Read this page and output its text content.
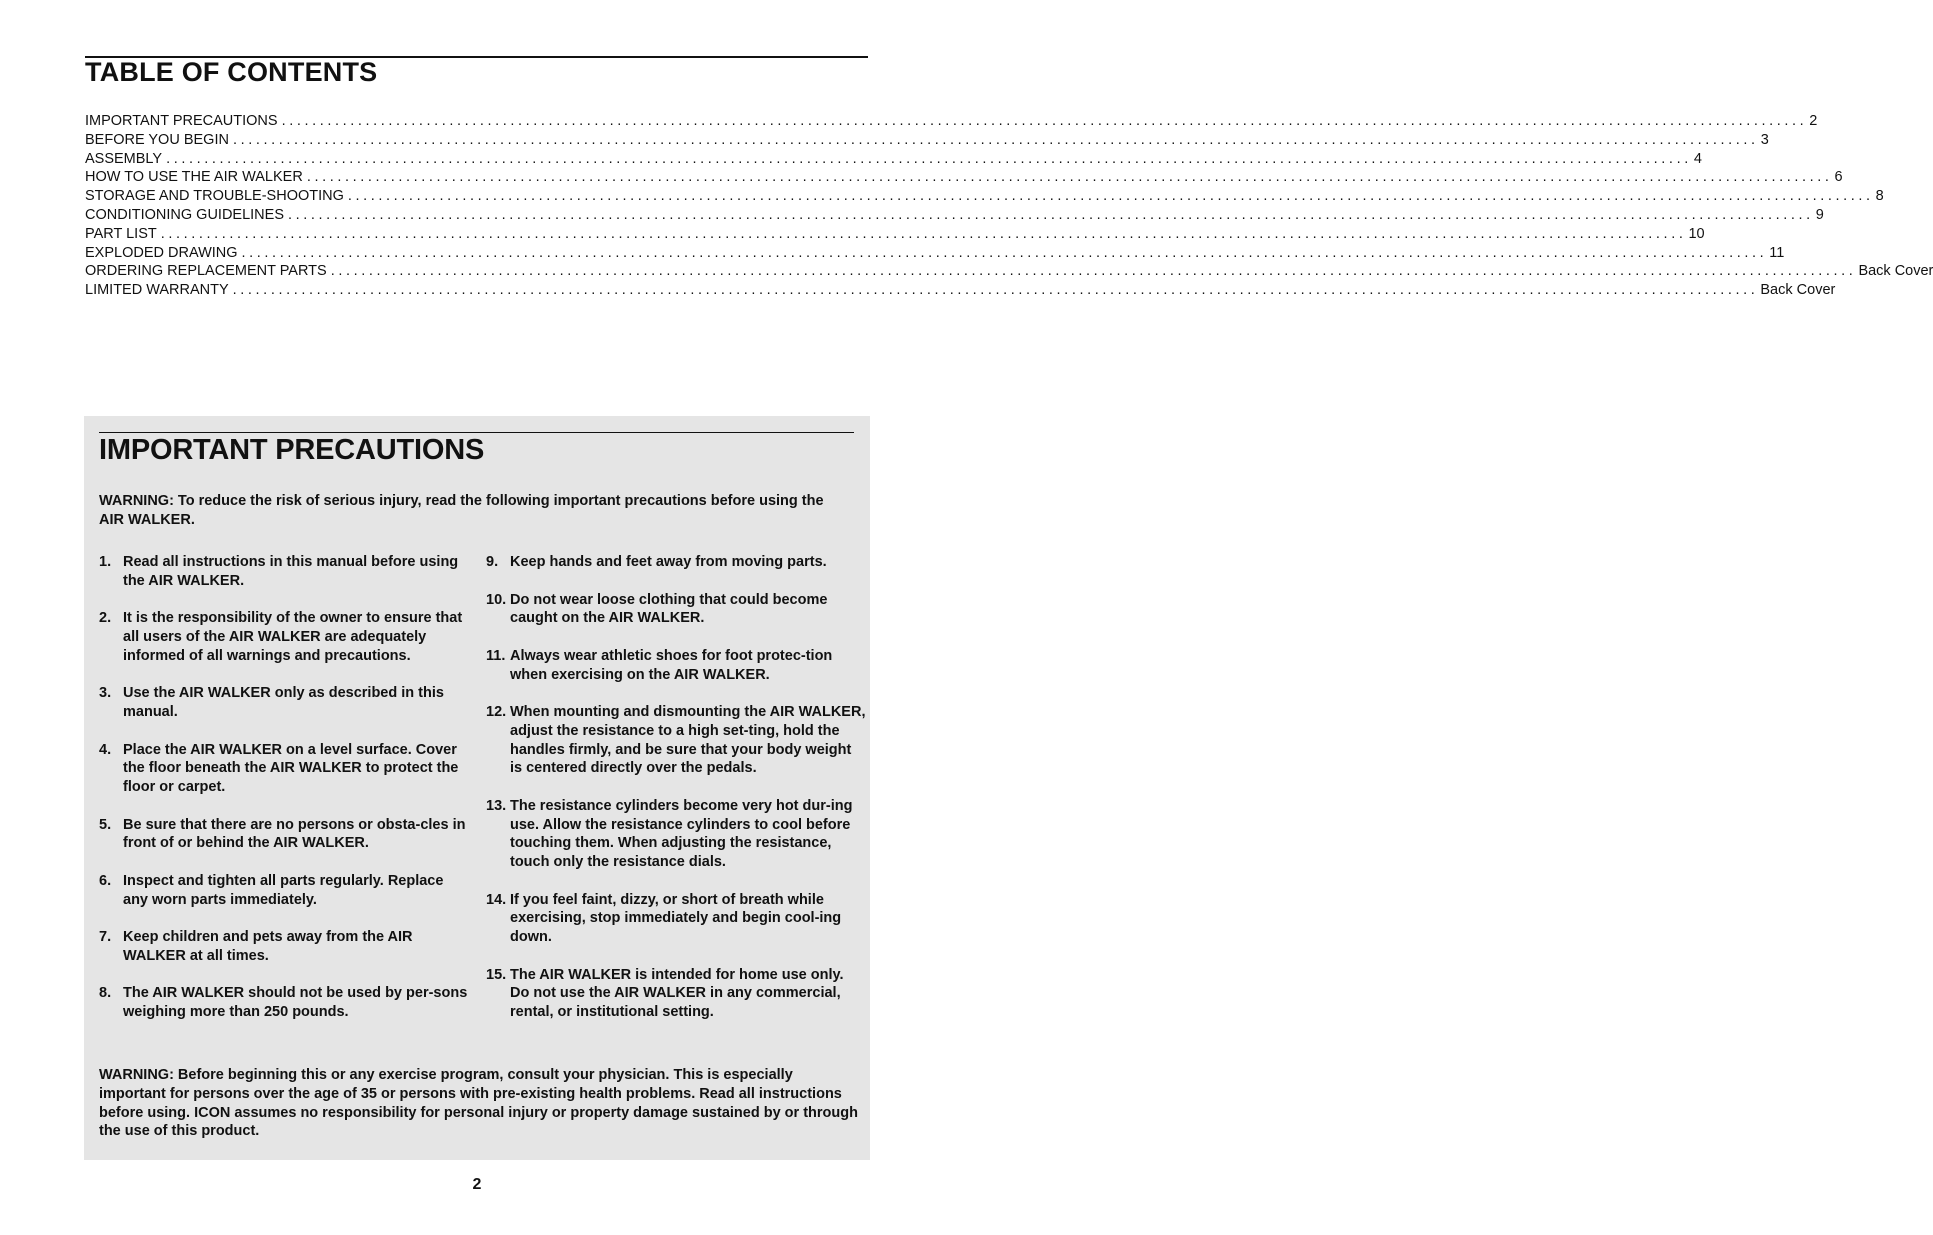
TABLE OF CONTENTS
IMPORTANT PRECAUTIONS ........................................................................................................................................................................................................ 2
BEFORE YOU BEGIN ........................................................................................................................................................................................................ 3
ASSEMBLY ........................................................................................................................................................................................................ 4
HOW TO USE THE AIR WALKER ........................................................................................................................................................................................................ 6
STORAGE AND TROUBLE-SHOOTING ........................................................................................................................................................................................................ 8
CONDITIONING GUIDELINES ........................................................................................................................................................................................................ 9
PART LIST ........................................................................................................................................................................................................ 10
EXPLODED DRAWING ........................................................................................................................................................................................................ 11
ORDERING REPLACEMENT PARTS ........................................................................................................................................................................................................ Back Cover
LIMITED WARRANTY ........................................................................................................................................................................................................ Back Cover
IMPORTANT PRECAUTIONS

WARNING: To reduce the risk of serious injury, read the following important precautions before using the AIR WALKER.

1. Read all instructions in this manual before using the AIR WALKER.
2. It is the responsibility of the owner to ensure that all users of the AIR WALKER are adequately informed of all warnings and precautions.
3. Use the AIR WALKER only as described in this manual.
4. Place the AIR WALKER on a level surface. Cover the floor beneath the AIR WALKER to protect the floor or carpet.
5. Be sure that there are no persons or obsta-cles in front of or behind the AIR WALKER.
6. Inspect and tighten all parts regularly. Replace any worn parts immediately.
7. Keep children and pets away from the AIR WALKER at all times.
8. The AIR WALKER should not be used by per-sons weighing more than 250 pounds.
9. Keep hands and feet away from moving parts.
10. Do not wear loose clothing that could become caught on the AIR WALKER.
11. Always wear athletic shoes for foot protec-tion when exercising on the AIR WALKER.
12. When mounting and dismounting the AIR WALKER, adjust the resistance to a high set-ting, hold the handles firmly, and be sure that your body weight is centered directly over the pedals.
13. The resistance cylinders become very hot dur-ing use. Allow the resistance cylinders to cool before touching them. When adjusting the resistance, touch only the resistance dials.
14. If you feel faint, dizzy, or short of breath while exercising, stop immediately and begin cool-ing down.
15. The AIR WALKER is intended for home use only. Do not use the AIR WALKER in any commercial, rental, or institutional setting.

WARNING: Before beginning this or any exercise program, consult your physician. This is especially important for persons over the age of 35 or persons with pre-existing health problems. Read all instructions before using. ICON assumes no responsibility for personal injury or property damage sustained by or through the use of this product.

2
